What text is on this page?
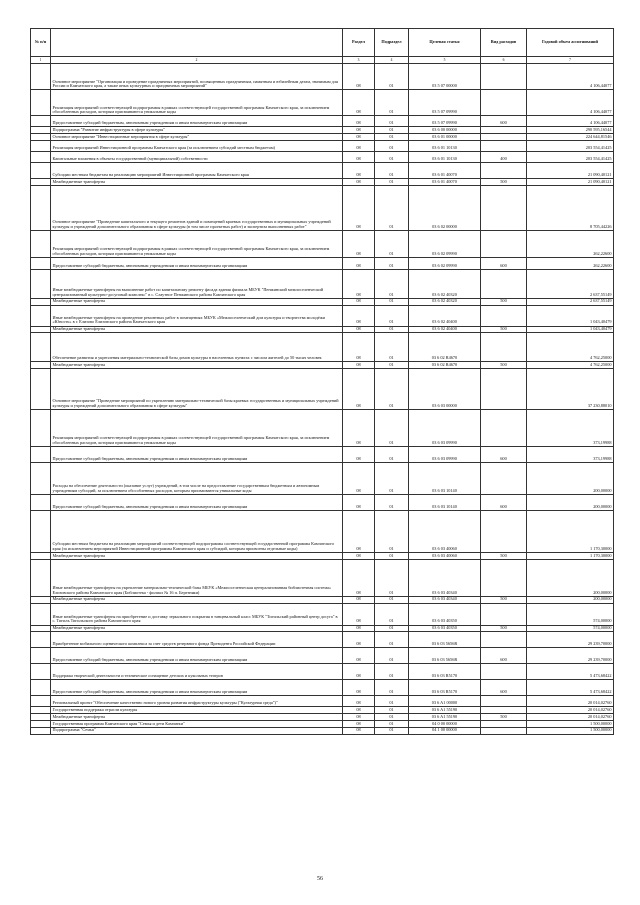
№ п/п		Раздел	Подраздел	Целевая статья	Вид расходов	Годовой объем ассигнований
1	2	3	4	5	6	7
	Основное мероприятие "Организация и проведение праздничных мероприятий, посвященных праздничным, памятным и юбилейным датам, значимым для России и Камчатского края, а также иных культурных и праздничных мероприятий"	08	01	03 5 07 00000		4 106,44077
	Реализация мероприятий соответствующей подпрограммы в рамках соответствующей государственной программы Камчатского края, за исключением обособленных расходов, которым присваиваются уникальные коды	08	01	03 5 07 09990		4 106,44077
	Предоставление субсидий бюджетным, автономным учреждениям и иным некоммерческим организациям	08	01	03 5 07 09990	600	4 106,44077
	Подпрограмма "Развитие инфраструктуры в сфере культуры"	08	01	03 6 00 00000		290 595,16544
	Основное мероприятие "Инвестиционные мероприятия в сфере культуры"	08	01	03 6 01 00000		224 644,81546
	Реализация мероприятий Инвестиционной программы Камчатского края (за исключением субсидий местным бюджетам)	08	01	03 6 01 10130		203 554,41425
	Капитальные вложения в объекты государственной (муниципальной) собственности	08	01	03 6 01 10130	400	203 554,41425
	Субсидии местным бюджетам на реализацию мероприятий Инвестиционной программы Камчатского края	08	01	03 6 01 40070		21 090,40121
	Межбюджетные трансферты	08	01	03 6 01 40070	500	21 090,40121
	Основное мероприятие "Проведение капитального и текущего ремонтов зданий и помещений краевых государственных и муниципальных учреждений культуры и учреждений дополнительного образования в сфере культуры (в том числе проектных работ) и экспертиза выполненных работ"	08	01	03 6 02 00000		8 705,44226
	Реализация мероприятий соответствующей подпрограммы в рамках соответствующей государственной программы Камчатского края, за исключением обособленных расходов, которым присваиваются уникальные коды	08	01	03 6 02 09990		262,22600
	Предоставление субсидий бюджетным, автономным учреждениям и иным некоммерческим организациям	08	01	03 6 02 09990	600	262,22600
	Иные межбюджетные трансферты на выполнение работ по капитальному ремонту фасада здания филиала МБУК "Пенжинский межпоселенческий централизованный культурно-досуговый комплекс" в с. Слаутное Пенжинского района Камчатского края	08	01	03 6 02 40320		2 637,55149
	Межбюджетные трансферты	08	01	03 6 02 40320	500	2 637,55149
	Иные межбюджетные трансферты на проведение ремонтных работ в помещениях МБУК «Межпоселенческий дом культуры и творчества молодёжи «Юность» в г. Елизово Елизовского района Камчатского края	08	01	03 6 02 40400		1 043,40479
	Межбюджетные трансферты	08	01	03 6 02 40400	500	1 043,40479
	Обеспечение развития и укрепления материально-технической базы домов культуры в населенных пунктах с числом жителей до 50 тысяч человек	08	01	03 6 02 R4670		4 762,25000
	Межбюджетные трансферты	08	01	03 6 02 R4670	500	4 762,25000
	Основное мероприятие "Проведение мероприятий по укреплению материально-технической базы краевых государственных и муниципальных учреждений культуры и учреждений дополнительного образования в сфере культуры"	08	01	03 6 03 00000		37 230,88010
	Реализация мероприятий соответствующей подпрограммы в рамках соответствующей государственной программы Камчатского края, за исключением обособленных расходов, которым присваиваются уникальные коды	08	01	03 6 03 09990		373,19988
	Предоставление субсидий бюджетным, автономным учреждениям и иным некоммерческим организациям	08	01	03 6 03 09990	600	373,19988
	Расходы на обеспечение деятельности (оказание услуг) учреждений, в том числе на предоставление государственным бюджетным и автономным учреждениям субсидий, за исключением обособленных расходов, которым присваиваются уникальные коды	08	01	03 6 03 10140		200,00000
	Предоставление субсидий бюджетным, автономным учреждениям и иным некоммерческим организациям	08	01	03 6 03 10140	600	200,00000
	Субсидии местным бюджетам на реализацию мероприятий соответствующей подпрограммы соответствующей государственной программы Камчатского края (за исключением мероприятий Инвестиционной программы Камчатского края и субсидий, которым присвоены отдельные коды)	08	01	03 6 03 40060		1 170,30000
	Межбюджетные трансферты	08	01	03 6 03 40060	500	1 170,30000
	Иные межбюджетные трансферты на укрепление материально-технической базы МБУК «Межпоселенческая централизованная библиотечная система» Елизовского района Камчатского края (Библиотека - филиал № 16 п. Березняки)	08	01	03 6 03 40340		200,00000
	Межбюджетные трансферты	08	01	03 6 03 40340	500	200,00000
	Иные межбюджетные трансферты на приобретение и доставку зеркального покрытия в танцевальный класс МБУК "Тигильский районный центр досуга" в с. Тигиль Тигильского района Камчатского края	08	01	03 6 03 40350		574,00000
	Межбюджетные трансферты	08	01	03 6 03 40350	500	574,00000
	Приобретение мобильного сценического комплекса за счет средств резервного фонда Президента Российской Федерации	08	01	03 6 03 5656R		29 239,70000
	Предоставление субсидий бюджетным, автономным учреждениям и иным некоммерческим организациям	08	01	03 6 03 5656R	600	29 239,70000
	Поддержка творческой деятельности и техническое оснащение детских и кукольных театров	08	01	03 6 03 R5170		5 473,68422
	Предоставление субсидий бюджетным, автономным учреждениям и иным некоммерческим организациям	08	01	03 6 03 R5170	600	5 473,68422
	Региональный проект "Обеспечение качественно нового уровня развития инфраструктуры культуры ("Культурная среда")"	08	01	03 6 A1 00000		20 014,02760
	Государственная поддержка отрасли культуры	08	01	03 6 A1 55190		20 014,02760
	Межбюджетные трансферты	08	01	03 6 A1 55190	500	20 014,02760
	Государственная программа Камчатского края "Семья и дети Камчатки"	08	01	04 0 00 00000		1 500,00000
	Подпрограмма "Семья"	08	01	04 1 00 00000		1 500,00000
56
